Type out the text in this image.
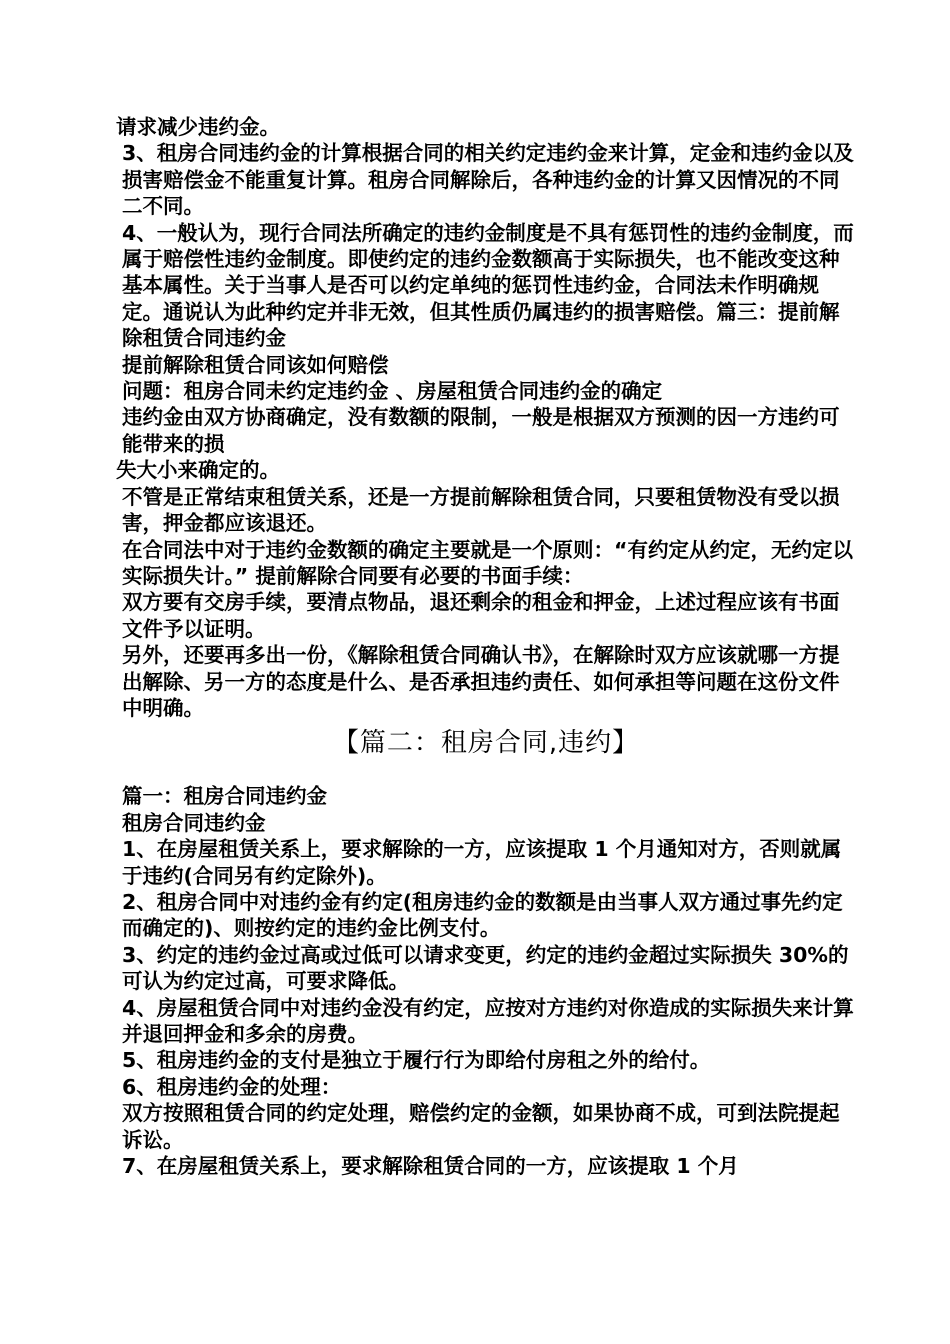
请求减少违约金。

3、租房合同违约金的计算根据合同的相关约定违约金来计算，定金和违约金以及损害赔偿金不能重复计算。租房合同解除后，各种违约金的计算又因情况的不同二不同。

4、一般认为，现行合同法所确定的违约金制度是不具有惩罚性的违约金制度，而属于赔偿性违约金制度。即使约定的违约金数额高于实际损失，也不能改变这种基本属性。关于当事人是否可以约定单纯的惩罚性违约金，合同法未作明确规定。通说认为此种约定并非无效，但其性质仍属违约的损害赔偿。篇三：提前解除租赁合同违约金

提前解除租赁合同该如何赔偿

问题：租房合同未约定违约金 、房屋租赁合同违约金的确定

违约金由双方协商确定，没有数额的限制，一般是根据双方预测的因一方违约可能带来的损

失大小来确定的。

不管是正常结束租赁关系，还是一方提前解除租赁合同，只要租赁物没有受以损害，押金都应该退还。

在合同法中对于违约金数额的确定主要就是一个原则：“有约定从约定，无约定以实际损失计。” 提前解除合同要有必要的书面手续：

双方要有交房手续，要清点物品，退还剩余的租金和押金，上述过程应该有书面文件予以证明。

另外，还要再多出一份，《解除租赁合同确认书》，在解除时双方应该就哪一方提出解除、另一方的态度是什么、是否承担违约责任、如何承担等问题在这份文件中明确。

【篇二：租房合同,违约】

篇一：租房合同违约金

租房合同违约金

1、在房屋租赁关系上，要求解除的一方，应该提取 1 个月通知对方，否则就属于违约(合同另有约定除外)。

2、租房合同中对违约金有约定(租房违约金的数额是由当事人双方通过事先约定而确定的)、则按约定的违约金比例支付。

3、约定的违约金过高或过低可以请求变更，约定的违约金超过实际损失 30%的可认为约定过高，可要求降低。

4、房屋租赁合同中对违约金没有约定，应按对方违约对你造成的实际损失来计算并退回押金和多余的房费。

5、租房违约金的支付是独立于履行行为即给付房租之外的给付。

6、租房违约金的处理：

双方按照租赁合同的约定处理，赔偿约定的金额，如果协商不成，可到法院提起诉讼。

7、在房屋租赁关系上，要求解除租赁合同的一方，应该提取 1 个月
